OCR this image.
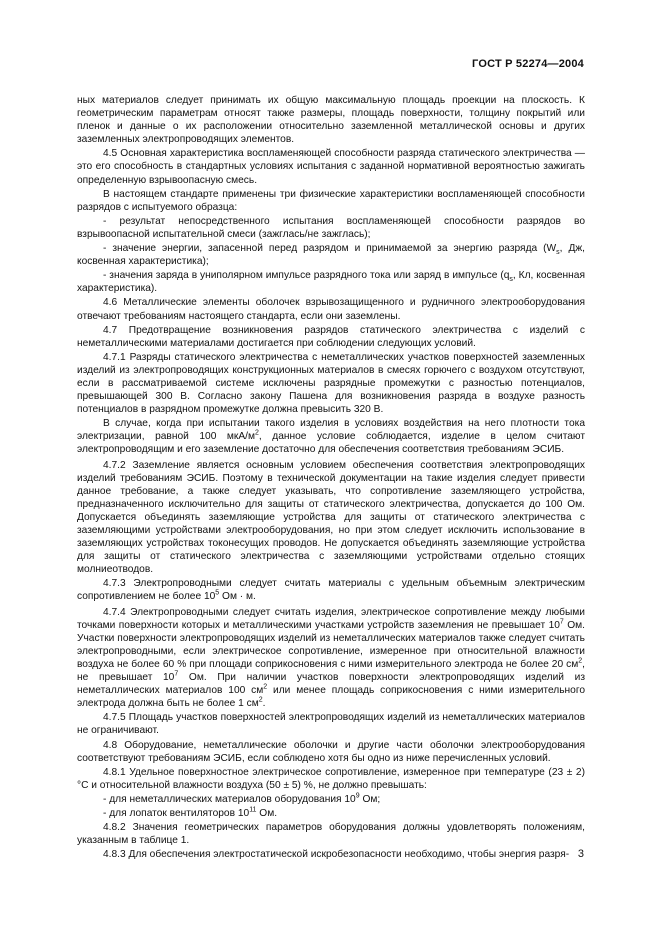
ГОСТ Р 52274—2004

ных материалов следует принимать их общую максимальную площадь проекции на плоскость. К геометрическим параметрам относят также размеры, площадь поверхности, толщину покрытий или пленок и данные о их расположении относительно заземленной металлической основы и других заземленных электропроводящих элементов.

4.5 Основная характеристика воспламеняющей способности разряда статического электричества — это его способность в стандартных условиях испытания с заданной нормативной вероятностью зажигать определенную взрывоопасную смесь.

В настоящем стандарте применены три физические характеристики воспламеняющей способности разрядов с испытуемого образца:

- результат непосредственного испытания воспламеняющей способности разрядов во взрывоопасной испытательной смеси (зажглась/не зажглась);

- значение энергии, запасенной перед разрядом и принимаемой за энергию разряда ($W_s$, Дж, косвенная характеристика);

- значения заряда в униполярном импульсе разрядного тока или заряд в импульсе ($q_s$, Кл, косвенная характеристика).

4.6 Металлические элементы оболочек взрывозащищенного и рудничного электрооборудования отвечают требованиям настоящего стандарта, если они заземлены.

4.7 Предотвращение возникновения разрядов статического электричества с изделий с неметаллическими материалами достигается при соблюдении следующих условий.

4.7.1 Разряды статического электричества с неметаллических участков поверхностей заземленных изделий из электропроводящих конструкционных материалов в смесях горючего с воздухом отсутствуют, если в рассматриваемой системе исключены разрядные промежутки с разностью потенциалов, превышающей 300 В. Согласно закону Пашена для возникновения разряда в воздухе разность потенциалов в разрядном промежутке должна превысить 320 В.

В случае, когда при испытании такого изделия в условиях воздействия на него плотности тока электризации, равной 100 мкА/$м^2$, данное условие соблюдается, изделие в целом считают электропроводящим и его заземление достаточно для обеспечения соответствия требованиям ЭСИБ.

4.7.2 Заземление является основным условием обеспечения соответствия электропроводящих изделий требованиям ЭСИБ. Поэтому в технической документации на такие изделия следует привести данное требование, а также следует указывать, что сопротивление заземляющего устройства, предназначенного исключительно для защиты от статического электричества, допускается до 100 Ом. Допускается объединять заземляющие устройства для защиты от статического электричества с заземляющими устройствами электрооборудования, но при этом следует исключить использование в заземляющих устройствах токонесущих проводов. Не допускается объединять заземляющие устройства для защиты от статического электричества с заземляющими устройствами отдельно стоящих молниеотводов.

4.7.3 Электропроводными следует считать материалы с удельным объемным электрическим сопротивлением не более $10^5$ Ом · м.

4.7.4 Электропроводными следует считать изделия, электрическое сопротивление между любыми точками поверхности которых и металлическими участками устройств заземления не превышает $10^7$ Ом. Участки поверхности электропроводящих изделий из неметаллических материалов также следует считать электропроводными, если электрическое сопротивление, измеренное при относительной влажности воздуха не более 60 % при площади соприкосновения с ними измерительного электрода не более 20 $см^2$, не превышает $10^7$ Ом. При наличии участков поверхности электропроводящих изделий из неметаллических материалов 100 $см^2$ или менее площадь соприкосновения с ними измерительного электрода должна быть не более 1 $см^2$.

4.7.5 Площадь участков поверхностей электропроводящих изделий из неметаллических материалов не ограничивают.

4.8 Оборудование, неметаллические оболочки и другие части оболочки электрооборудования соответствуют требованиям ЭСИБ, если соблюдено хотя бы одно из ниже перечисленных условий.

4.8.1 Удельное поверхностное электрическое сопротивление, измеренное при температуре (23 ± 2) °С и относительной влажности воздуха (50 ± 5) %, не должно превышать:

- для неметаллических материалов оборудования $10^9$ Ом;

- для лопаток вентиляторов $10^{11}$ Ом.

4.8.2 Значения геометрических параметров оборудования должны удовлетворять положениям, указанным в таблице 1.

4.8.3 Для обеспечения электростатической искробезопасности необходимо, чтобы энергия разря- 3
